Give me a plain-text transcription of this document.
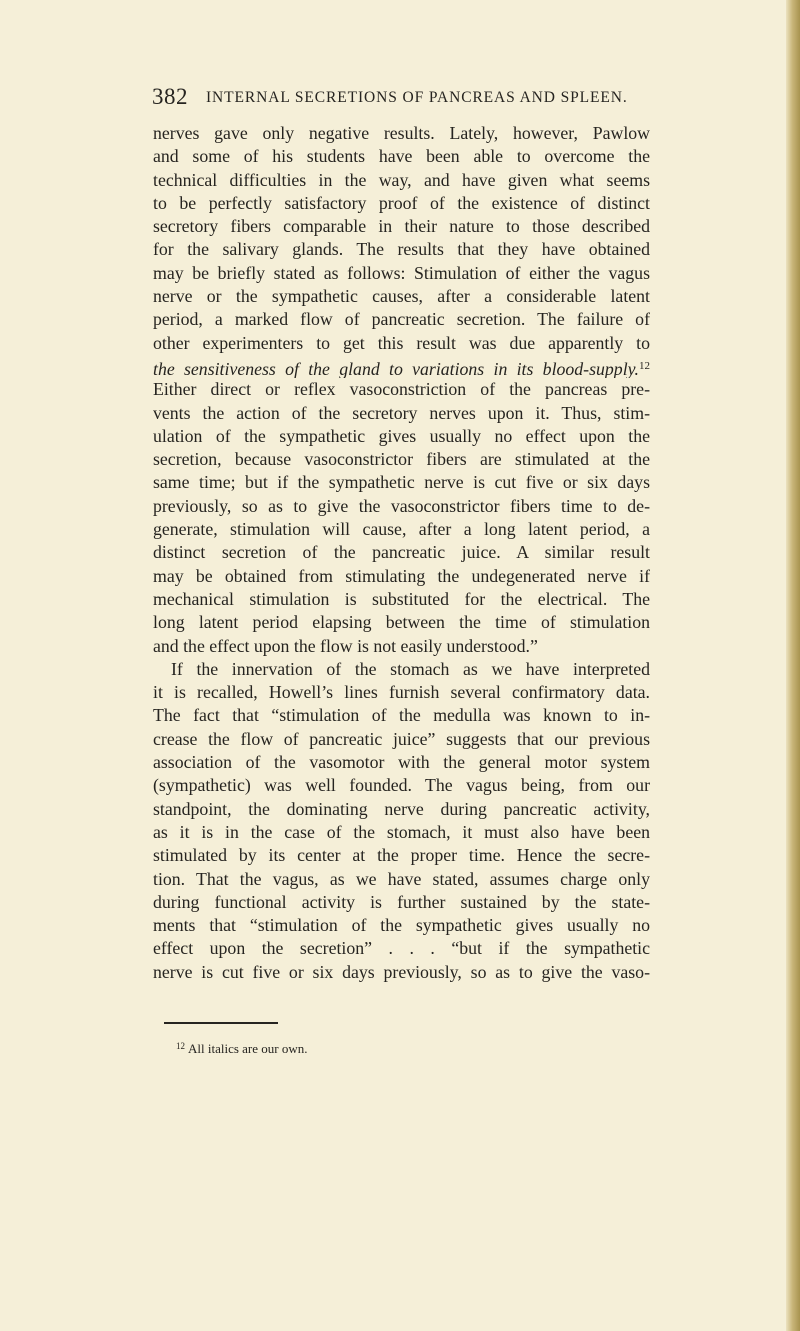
382 INTERNAL SECRETIONS OF PANCREAS AND SPLEEN.
nerves gave only negative results. Lately, however, Pawlow
and some of his students have been able to overcome the
technical difficulties in the way, and have given what seems
to be perfectly satisfactory proof of the existence of distinct
secretory fibers comparable in their nature to those described
for the salivary glands. The results that they have obtained
may be briefly stated as follows: Stimulation of either the vagus
nerve or the sympathetic causes, after a considerable latent
period, a marked flow of pancreatic secretion. The failure of
other experimenters to get this result was due apparently to
the sensitiveness of the gland to variations in its blood-supply.$^{12}$
Either direct or reflex vasoconstriction of the pancreas pre-
vents the action of the secretory nerves upon it. Thus, stim-
ulation of the sympathetic gives usually no effect upon the
secretion, because vasoconstrictor fibers are stimulated at the
same time; but if the sympathetic nerve is cut five or six days
previously, so as to give the vasoconstrictor fibers time to de-
generate, stimulation will cause, after a long latent period, a
distinct secretion of the pancreatic juice. A similar result
may be obtained from stimulating the undegenerated nerve if
mechanical stimulation is substituted for the electrical. The
long latent period elapsing between the time of stimulation
and the effect upon the flow is not easily understood.”
If the innervation of the stomach as we have interpreted
it is recalled, Howell’s lines furnish several confirmatory data.
The fact that “stimulation of the medulla was known to in-
crease the flow of pancreatic juice” suggests that our previous
association of the vasomotor with the general motor system
(sympathetic) was well founded. The vagus being, from our
standpoint, the dominating nerve during pancreatic activity,
as it is in the case of the stomach, it must also have been
stimulated by its center at the proper time. Hence the secre-
tion. That the vagus, as we have stated, assumes charge only
during functional activity is further sustained by the state-
ments that “stimulation of the sympathetic gives usually no
effect upon the secretion” . . . “but if the sympathetic
nerve is cut five or six days previously, so as to give the vaso-
$^{12}$ All italics are our own.
